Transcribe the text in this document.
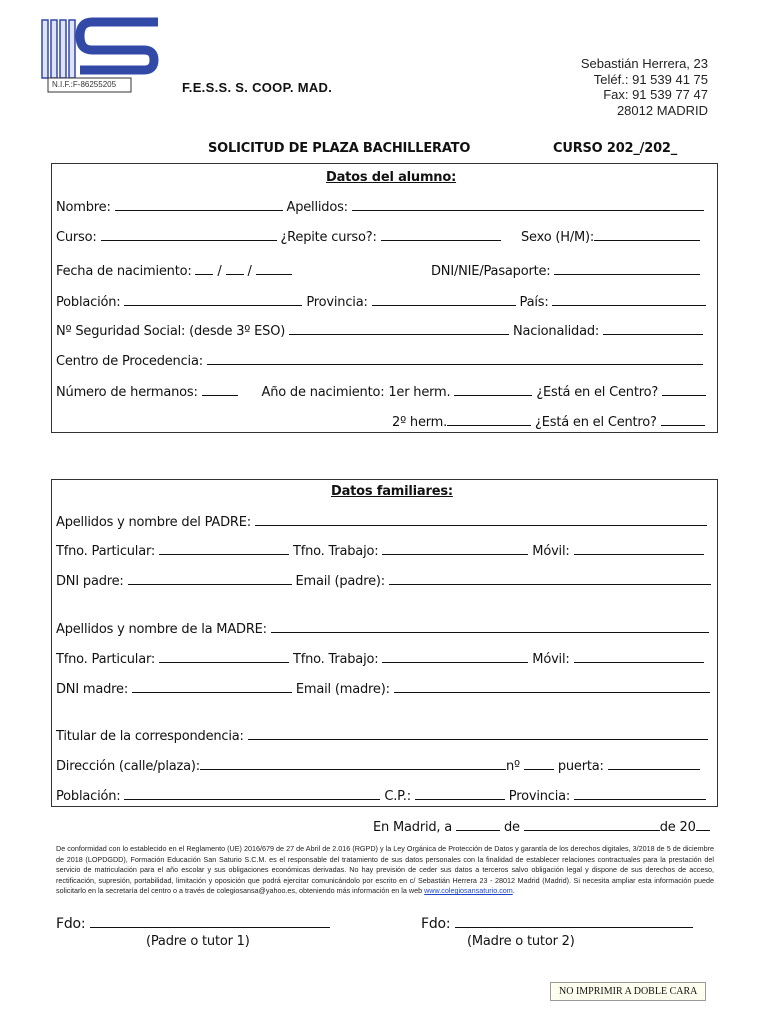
N.I.F.:F-86255205	F.E.S.S. S. COOP. MAD.
Sebastián Herrera, 23
Teléf.: 91 539 41 75
Fax: 91 539 77 47
28012 MADRID
SOLICITUD DE PLAZA BACHILLERATO	CURSO 202_/202_
Datos del alumno:
Nombre:	Apellidos:
Curso:	¿Repite curso?:	Sexo (H/M):
Fecha de nacimiento:  /  /	DNI/NIE/Pasaporte:
Población:	Provincia:	País:
Nº Seguridad Social: (desde 3º ESO)	Nacionalidad:
Centro de Procedencia:
Número de hermanos:	Año de nacimiento: 1er herm.	¿Está en el Centro?
2º herm.	¿Está en el Centro?
Datos familiares:
Apellidos y nombre del PADRE:
Tfno. Particular:	Tfno. Trabajo:	Móvil:
DNI padre:	Email (padre):
Apellidos y nombre de la MADRE:
Tfno. Particular:	Tfno. Trabajo:	Móvil:
DNI madre:	Email (madre):
Titular de la correspondencia:
Dirección (calle/plaza):	nº	puerta:
Población:	C.P.:	Provincia:
En Madrid, a	de	de 20
De conformidad con lo establecido en el Reglamento (UE) 2016/679 de 27 de Abril de 2.016 (RGPD) y la Ley Orgánica de Protección de Datos y garantía de los derechos digitales, 3/2018 de 5 de diciembre de 2018 (LOPDGDD), Formación Educación San Saturio S.C.M. es el responsable del tratamiento de sus datos personales con la finalidad de establecer relaciones contractuales para la prestación del servicio de matriculación para el año escolar y sus obligaciones económicas derivadas. No hay previsión de ceder sus datos a terceros salvo obligación legal y dispone de sus derechos de acceso, rectificación, supresión, portabilidad, limitación y oposición que podrá ejercitar comunicándolo por escrito en c/ Sebastián Herrera 23 - 28012 Madrid (Madrid). Si necesita ampliar esta información puede solicitarlo en la secretaría del centro o a través de colegiosansa@yahoo.es, obteniendo más información en la web www.colegiosansaturio.com.
Fdo:
(Padre o tutor 1)
Fdo:
(Madre o tutor 2)
NO IMPRIMIR A DOBLE CARA
